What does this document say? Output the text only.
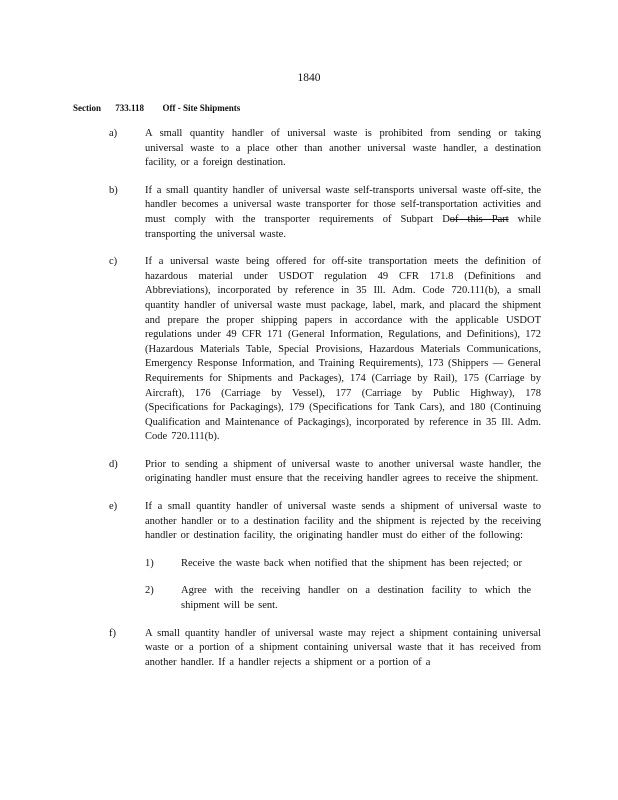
1840
Section 733.118 Off - Site Shipments
a)	A small quantity handler of universal waste is prohibited from sending or taking universal waste to a place other than another universal waste handler, a destination facility, or a foreign destination.
b)	If a small quantity handler of universal waste self-transports universal waste off-site, the handler becomes a universal waste transporter for those self-transportation activities and must comply with the transporter requirements of Subpart Dof this Part while transporting the universal waste.
c)	If a universal waste being offered for off-site transportation meets the definition of hazardous material under USDOT regulation 49 CFR 171.8 (Definitions and Abbreviations), incorporated by reference in 35 Ill. Adm. Code 720.111(b), a small quantity handler of universal waste must package, label, mark, and placard the shipment and prepare the proper shipping papers in accordance with the applicable USDOT regulations under 49 CFR 171 (General Information, Regulations, and Definitions), 172 (Hazardous Materials Table, Special Provisions, Hazardous Materials Communications, Emergency Response Information, and Training Requirements), 173 (Shippers — General Requirements for Shipments and Packages), 174 (Carriage by Rail), 175 (Carriage by Aircraft), 176 (Carriage by Vessel), 177 (Carriage by Public Highway), 178 (Specifications for Packagings), 179 (Specifications for Tank Cars), and 180 (Continuing Qualification and Maintenance of Packagings), incorporated by reference in 35 Ill. Adm. Code 720.111(b).
d)	Prior to sending a shipment of universal waste to another universal waste handler, the originating handler must ensure that the receiving handler agrees to receive the shipment.
e)	If a small quantity handler of universal waste sends a shipment of universal waste to another handler or to a destination facility and the shipment is rejected by the receiving handler or destination facility, the originating handler must do either of the following:
1)	Receive the waste back when notified that the shipment has been rejected; or
2)	Agree with the receiving handler on a destination facility to which the shipment will be sent.
f)	A small quantity handler of universal waste may reject a shipment containing universal waste or a portion of a shipment containing universal waste that it has received from another handler. If a handler rejects a shipment or a portion of a
